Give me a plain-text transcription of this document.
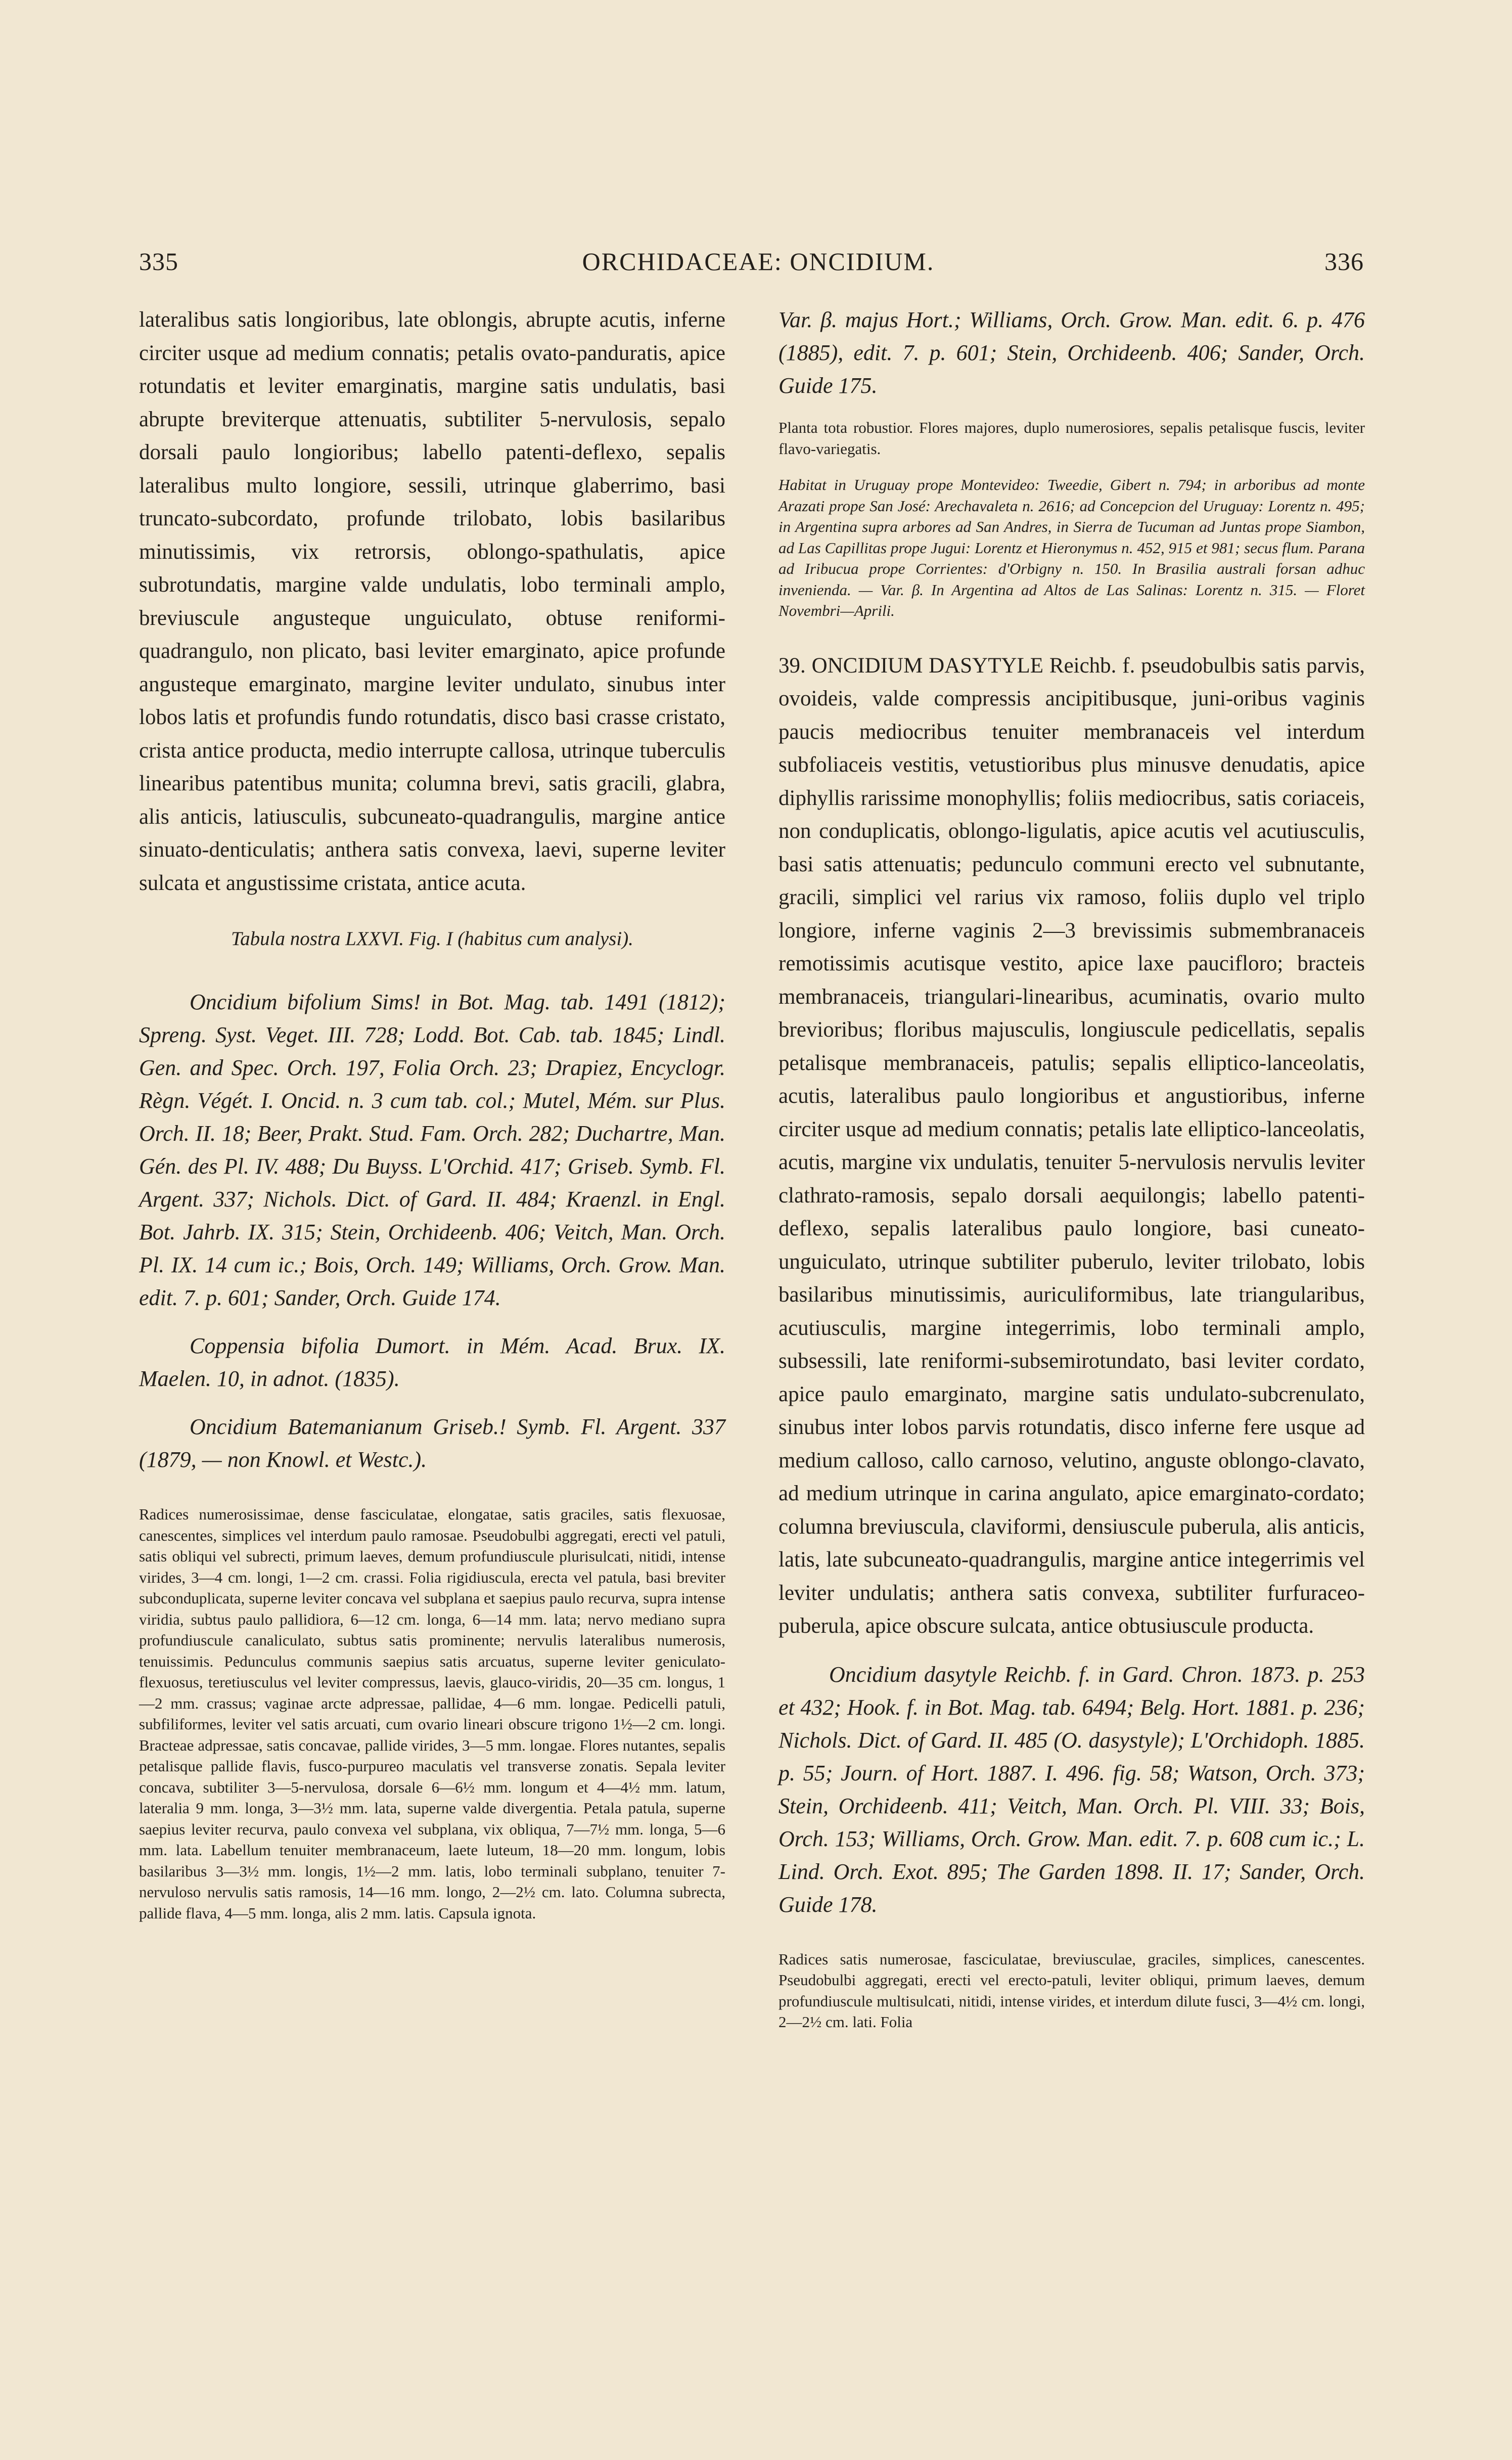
335	ORCHIDACEAE: ONCIDIUM.	336

lateralibus satis longioribus, late oblongis, abrupte acutis, inferne circiter usque ad medium connatis; petalis ovato-panduratis, apice rotundatis et leviter emarginatis, margine satis undulatis, basi abrupte breviterque attenuatis, subtiliter 5-nervulosis, sepalo dorsali paulo longioribus; labello patenti-deflexo, sepalis lateralibus multo longiore, sessili, utrinque glaberrimo, basi truncato-subcordato, profunde trilobato, lobis basilaribus minutissimis, vix retrorsis, oblongo-spathulatis, apice subrotundatis, margine valde undulatis, lobo terminali amplo, breviuscule angusteque unguiculato, obtuse reniformi-quadrangulo, non plicato, basi leviter emarginato, apice profunde angusteque emarginato, margine leviter undulato, sinubus inter lobos latis et profundis fundo rotundatis, disco basi crasse cristato, crista antice producta, medio interrupte callosa, utrinque tuberculis linearibus patentibus munita; columna brevi, satis gracili, glabra, alis anticis, latiusculis, subcuneato-quadrangulis, margine antice sinuato-denticulatis; anthera satis convexa, laevi, superne leviter sulcata et angustissime cristata, antice acuta.

Tabula nostra LXXVI. Fig. I (habitus cum analysi).

Oncidium bifolium Sims! in Bot. Mag. tab. 1491 (1812); Spreng. Syst. Veget. III. 728; Lodd. Bot. Cab. tab. 1845; Lindl. Gen. and Spec. Orch. 197, Folia Orch. 23; Drapiez, Encyclogr. Règn. Végét. I. Oncid. n. 3 cum tab. col.; Mutel, Mém. sur Plus. Orch. II. 18; Beer, Prakt. Stud. Fam. Orch. 282; Duchartre, Man. Gén. des Pl. IV. 488; Du Buyss. L'Orchid. 417; Griseb. Symb. Fl. Argent. 337; Nichols. Dict. of Gard. II. 484; Kraenzl. in Engl. Bot. Jahrb. IX. 315; Stein, Orchideenb. 406; Veitch, Man. Orch. Pl. IX. 14 cum ic.; Bois, Orch. 149; Williams, Orch. Grow. Man. edit. 7. p. 601; Sander, Orch. Guide 174.

Coppensia bifolia Dumort. in Mém. Acad. Brux. IX. Maelen. 10, in adnot. (1835).

Oncidium Batemanianum Griseb.! Symb. Fl. Argent. 337 (1879, — non Knowl. et Westc.).

Radices numerosissimae, densе fasciculatae, elongatae, satis graciles, satis flexuosae, canescentes, simplices vel interdum paulo ramosae. Pseudobulbi aggregati, erecti vel patuli, satis obliqui vel subrecti, primum laeves, demum profundiuscule plurisulcati, nitidi, intense virides, 3—4 cm. longi, 1—2 cm. crassi. Folia rigidiuscula, erecta vel patula, basi breviter subconduplicata, superne leviter concava vel subplana et saepius paulo recurva, supra intense viridia, subtus paulo pallidiora, 6—12 cm. longa, 6—14 mm. lata; nervo mediano supra profundiuscule canaliculato, subtus satis prominente; nervulis lateralibus numerosis, tenuissimis. Pedunculus communis saepius satis arcuatus, superne leviter geniculato-flexuosus, teretiusculus vel leviter compressus, laevis, glauco-viridis, 20—35 cm. longus, 1—2 mm. crassus; vaginae arcte adpressae, pallidae, 4—6 mm. longae. Pedicelli patuli, subfiliformes, leviter vel satis arcuati, cum ovario lineari obscure trigono 1½—2 cm. longi. Bracteae adpressae, satis concavae, pallide virides, 3—5 mm. longae. Flores nutantes, sepalis petalisque pallide flavis, fusco-purpureo maculatis vel transverse zonatis. Sepala leviter concava, subtiliter 3—5-nervulosa, dorsale 6—6½ mm. longum et 4—4½ mm. latum, lateralia 9 mm. longa, 3—3½ mm. lata, superne valde divergentia. Petala patula, superne saepius leviter recurva, paulo convexa vel subplana, vix obliqua, 7—7½ mm. longa, 5—6 mm. lata. Labellum tenuiter membranaceum, laete luteum, 18—20 mm. longum, lobis basilaribus 3—3½ mm. longis, 1½—2 mm. latis, lobo terminali subplano, tenuiter 7-nervuloso nervulis satis ramosis, 14—16 mm. longo, 2—2½ cm. lato. Columna subrecta, pallide flava, 4—5 mm. longa, alis 2 mm. latis. Capsula ignota.

Var. β. majus Hort.; Williams, Orch. Grow. Man. edit. 6. p. 476 (1885), edit. 7. p. 601; Stein, Orchideenb. 406; Sander, Orch. Guide 175.

Planta tota robustior. Flores majores, duplo numerosiores, sepalis petalisque fuscis, leviter flavo-variegatis.

Habitat in Uruguay prope Montevideo: Tweedie, Gibert n. 794; in arboribus ad monte Arazati prope San José: Arechavaleta n. 2616; ad Concepcion del Uruguay: Lorentz n. 495; in Argentina supra arbores ad San Andres, in Sierra de Tucuman ad Juntas prope Siambon, ad Las Capillitas prope Jugui: Lorentz et Hieronymus n. 452, 915 et 981; secus flum. Parana ad Iribucua prope Corrientes: d'Orbigny n. 150. In Brasilia australi forsan adhuc invenienda. — Var. β. In Argentina ad Altos de Las Salinas: Lorentz n. 315. — Floret Novembri—Aprili.

39. ONCIDIUM DASYTYLE Reichb. f. pseudobulbis satis parvis, ovoideis, valde compressis ancipitibusque, juni-oribus vaginis paucis mediocribus tenuiter membranaceis vel interdum subfoliaceis vestitis, vetustioribus plus minusve denudatis, apice diphyllis rarissime monophyllis; foliis mediocribus, satis coriaceis, non conduplicatis, oblongo-ligulatis, apice acutis vel acutiusculis, basi satis attenuatis; pedunculo communi erecto vel subnutante, gracili, simplici vel rarius vix ramoso, foliis duplo vel triplo longiore, inferne vaginis 2—3 brevissimis submembranaceis remotissimis acutisque vestito, apice laxe paucifloro; bracteis membranaceis, triangulari-linearibus, acuminatis, ovario multo brevioribus; floribus majusculis, longiuscule pedicellatis, sepalis petalisque membranaceis, patulis; sepalis elliptico-lanceolatis, acutis, lateralibus paulo longioribus et angustioribus, inferne circiter usque ad medium connatis; petalis late elliptico-lanceolatis, acutis, margine vix undulatis, tenuiter 5-nervulosis nervulis leviter clathrato-ramosis, sepalo dorsali aequilongis; labello patenti-deflexo, sepalis lateralibus paulo longiore, basi cuneato-unguiculato, utrinque subtiliter puberulo, leviter trilobato, lobis basilaribus minutissimis, auriculiformibus, late triangularibus, acutiusculis, margine integerrimis, lobo terminali amplo, subsessili, late reniformi-subsemirotundato, basi leviter cordato, apice paulo emarginato, margine satis undulato-subcrenulato, sinubus inter lobos parvis rotundatis, disco inferne fere usque ad medium calloso, callo carnoso, velutino, anguste oblongo-clavato, ad medium utrinque in carina angulato, apice emarginato-cordato; columna breviuscula, claviformi, densiuscule puberula, alis anticis, latis, late subcuneato-quadrangulis, margine antice integerrimis vel leviter undulatis; anthera satis convexa, subtiliter furfuraceo-puberula, apice obscure sulcata, antice obtusiuscule producta.

Oncidium dasytyle Reichb. f. in Gard. Chron. 1873. p. 253 et 432; Hook. f. in Bot. Mag. tab. 6494; Belg. Hort. 1881. p. 236; Nichols. Dict. of Gard. II. 485 (O. dasystyle); L'Orchidoph. 1885. p. 55; Journ. of Hort. 1887. I. 496. fig. 58; Watson, Orch. 373; Stein, Orchideenb. 411; Veitch, Man. Orch. Pl. VIII. 33; Bois, Orch. 153; Williams, Orch. Grow. Man. edit. 7. p. 608 cum ic.; L. Lind. Orch. Exot. 895; The Garden 1898. II. 17; Sander, Orch. Guide 178.

Radices satis numerosae, fasciculatae, breviusculae, graciles, simplices, canescentes. Pseudobulbi aggregati, erecti vel erecto-patuli, leviter obliqui, primum laeves, demum profundiuscule multisulcati, nitidi, intense virides, et interdum dilute fusci, 3—4½ cm. longi, 2—2½ cm. lati. Folia
